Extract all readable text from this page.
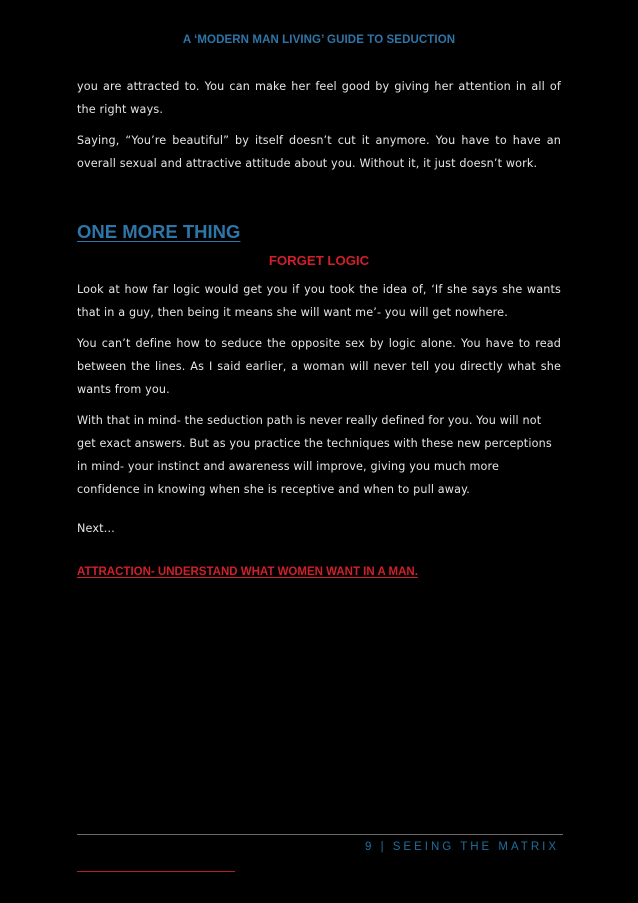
A ‘MODERN MAN LIVING’ GUIDE TO SEDUCTION

you are attracted to. You can make her feel good by giving her attention in all of the right ways.

Saying, “You’re beautiful” by itself doesn’t cut it anymore. You have to have an overall sexual and attractive attitude about you. Without it, it just doesn’t work.

ONE MORE THING
FORGET LOGIC

Look at how far logic would get you if you took the idea of, ‘If she says she wants that in a guy, then being it means she will want me’- you will get nowhere.

You can’t define how to seduce the opposite sex by logic alone. You have to read between the lines. As I said earlier, a woman will never tell you directly what she wants from you.

With that in mind- the seduction path is never really defined for you. You will not get exact answers. But as you practice the techniques with these new perceptions in mind- your instinct and awareness will improve, giving you much more confidence in knowing when she is receptive and when to pull away.

Next…

ATTRACTION- UNDERSTAND WHAT WOMEN WANT IN A MAN.
9 | SEEING THE MATRIX
